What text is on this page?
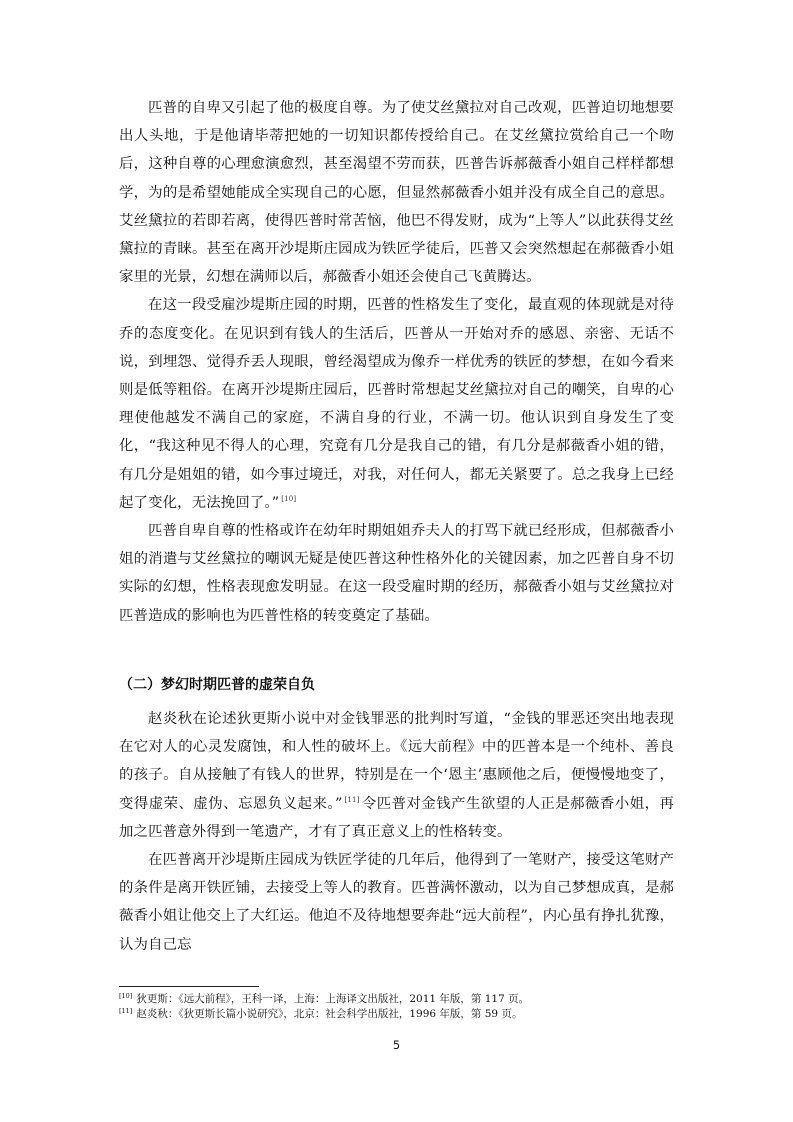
匹普的自卑又引起了他的极度自尊。为了使艾丝黛拉对自己改观，匹普迫切地想要出人头地，于是他请毕蒂把她的一切知识都传授给自己。在艾丝黛拉赏给自己一个吻后，这种自尊的心理愈演愈烈，甚至渴望不劳而获，匹普告诉郝薇香小姐自己样样都想学，为的是希望她能成全实现自己的心愿，但显然郝薇香小姐并没有成全自己的意思。艾丝黛拉的若即若离，使得匹普时常苦恼，他巴不得发财，成为“上等人”以此获得艾丝黛拉的青睐。甚至在离开沙堤斯庄园成为铁匠学徒后，匹普又会突然想起在郝薇香小姐家里的光景，幻想在满师以后，郝薇香小姐还会使自己飞黄腾达。

在这一段受雇沙堤斯庄园的时期，匹普的性格发生了变化，最直观的体现就是对待乔的态度变化。在见识到有钱人的生活后，匹普从一开始对乔的感恩、亲密、无话不说，到埋怨、觉得乔丢人现眼，曾经渴望成为像乔一样优秀的铁匠的梦想，在如今看来则是低等粗俗。在离开沙堤斯庄园后，匹普时常想起艾丝黛拉对自己的嘲笑，自卑的心理使他越发不满自己的家庭，不满自身的行业，不满一切。他认识到自身发生了变化，“我这种见不得人的心理，究竟有几分是我自己的错，有几分是郝薇香小姐的错，有几分是姐姐的错，如今事过境迁，对我，对任何人，都无关紧要了。总之我身上已经起了变化，无法挽回了。” [10]

匹普自卑自尊的性格或许在幼年时期姐姐乔夫人的打骂下就已经形成，但郝薇香小姐的消遣与艾丝黛拉的嘲讽无疑是使匹普这种性格外化的关键因素，加之匹普自身不切实际的幻想，性格表现愈发明显。在这一段受雇时期的经历，郝薇香小姐与艾丝黛拉对匹普造成的影响也为匹普性格的转变奠定了基础。

（二）梦幻时期匹普的虚荣自负

赵炎秋在论述狄更斯小说中对金钱罪恶的批判时写道，“金钱的罪恶还突出地表现在它对人的心灵发腐蚀，和人性的破坏上。《远大前程》中的匹普本是一个纯朴、善良的孩子。自从接触了有钱人的世界，特别是在一个‘恩主’惠顾他之后，便慢慢地变了，变得虚荣、虚伪、忘恩负义起来。” [11] 令匹普对金钱产生欲望的人正是郝薇香小姐，再加之匹普意外得到一笔遗产，才有了真正意义上的性格转变。

在匹普离开沙堤斯庄园成为铁匠学徒的几年后，他得到了一笔财产，接受这笔财产的条件是离开铁匠铺，去接受上等人的教育。匹普满怀激动，以为自己梦想成真，是郝薇香小姐让他交上了大红运。他迫不及待地想要奔赴“远大前程”，内心虽有挣扎犹豫，认为自己忘

[10] 狄更斯：《远大前程》，王科一译，上海：上海译文出版社，2011 年版，第 117 页。

[11] 赵炎秋：《狄更斯长篇小说研究》，北京：社会科学出版社，1996 年版，第 59 页。

5
